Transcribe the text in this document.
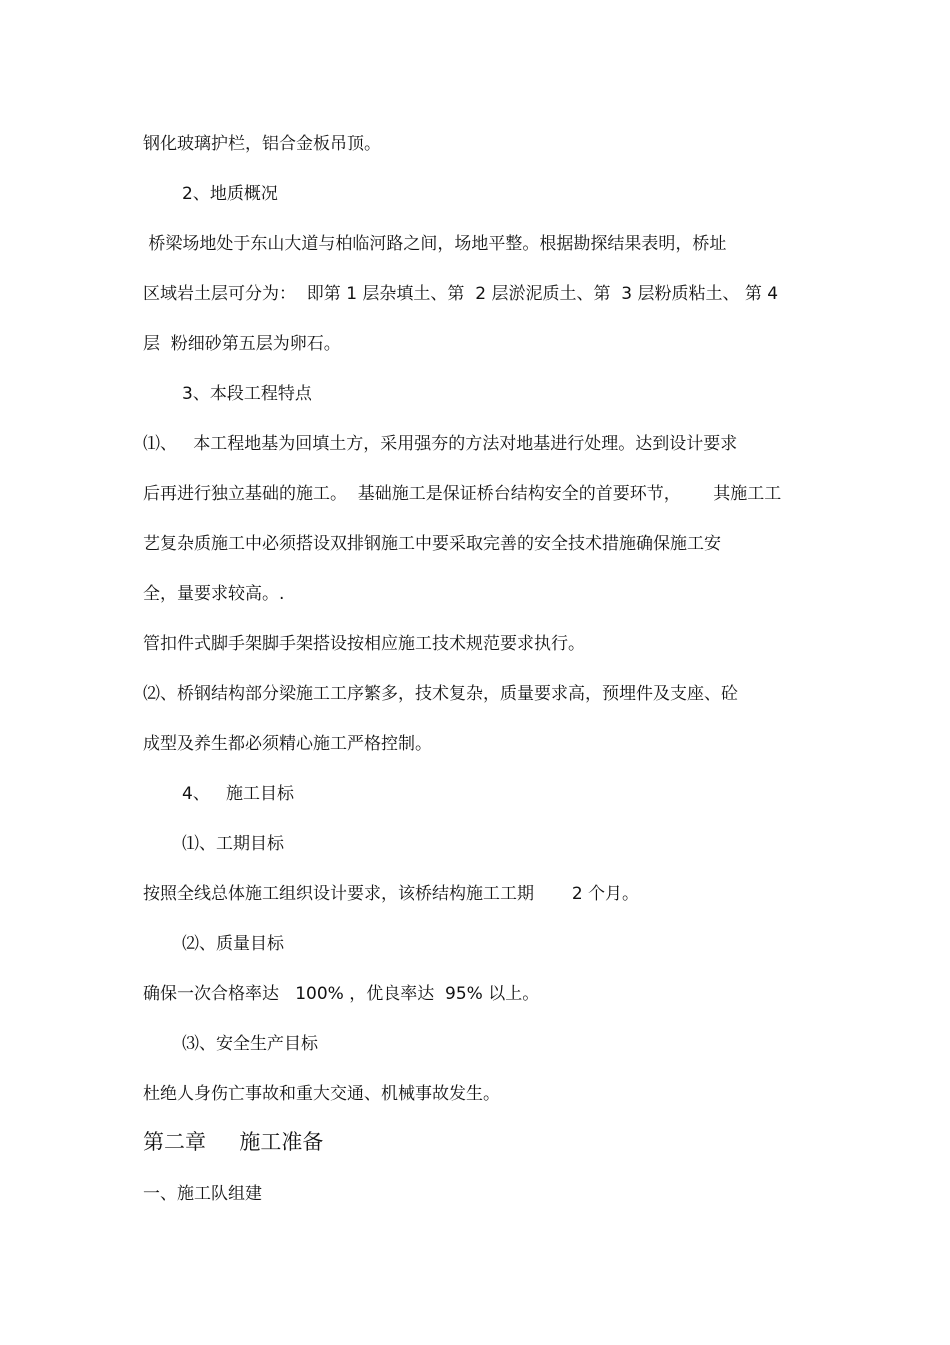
钢化玻璃护栏，铝合金板吊顶。
2、地质概况
桥梁场地处于东山大道与柏临河路之间，场地平整。根据勘探结果表明，桥址
区域岩土层可分为：  即第 1 层杂填土、第  2 层淤泥质土、第  3 层粉质粘土、 第 4
层  粉细砂第五层为卵石。
3、本段工程特点
⑴、   本工程地基为回填土方，采用强夯的方法对地基进行处理。达到设计要求
后再进行独立基础的施工。  基础施工是保证桥台结构安全的首要环节，      其施工工
艺复杂质施工中必须搭设双排钢施工中要采取完善的安全技术措施确保施工安
全，量要求较高。.
管扣件式脚手架脚手架搭设按相应施工技术规范要求执行。
⑵、桥钢结构部分梁施工工序繁多，技术复杂，质量要求高，预埋件及支座、砼
成型及养生都必须精心施工严格控制。
4、   施工目标
⑴、工期目标
按照全线总体施工组织设计要求，该桥结构施工工期       2 个月。
⑵、质量目标
确保一次合格率达   100% ，优良率达  95% 以上。
⑶、安全生产目标
杜绝人身伤亡事故和重大交通、机械事故发生。
第二章     施工准备
一、施工队组建
